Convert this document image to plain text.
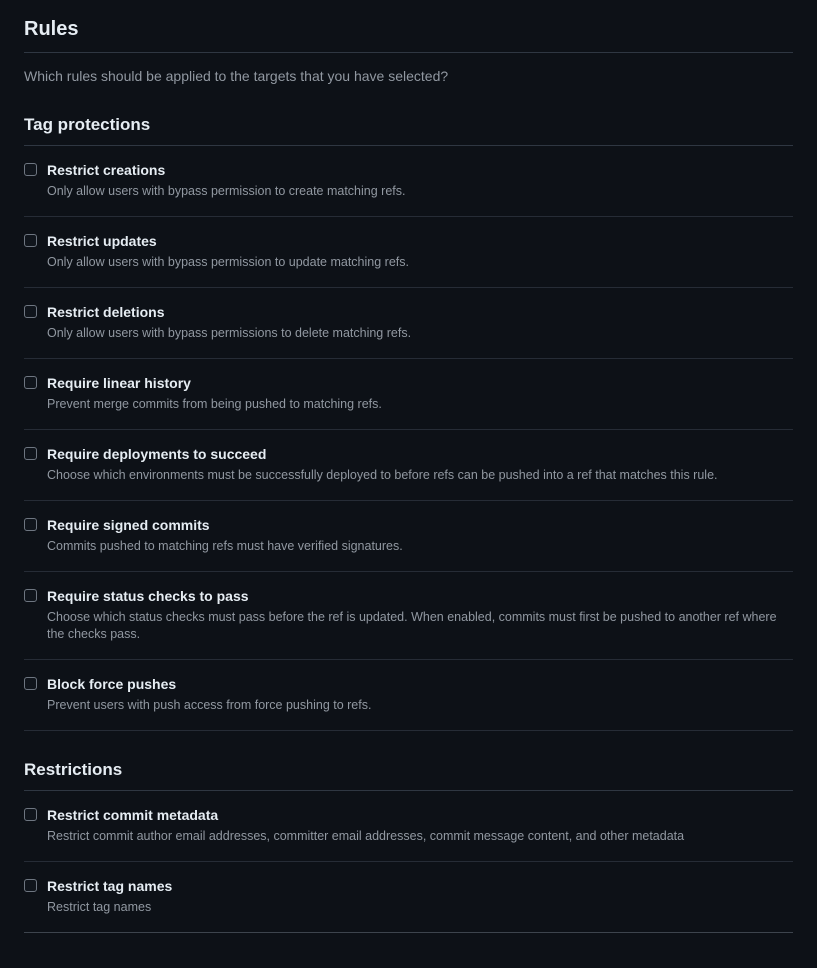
Rules

Which rules should be applied to the targets that you have selected?

Tag protections
Restrict creations
Only allow users with bypass permission to create matching refs.
Restrict updates
Only allow users with bypass permission to update matching refs.
Restrict deletions
Only allow users with bypass permissions to delete matching refs.
Require linear history
Prevent merge commits from being pushed to matching refs.
Require deployments to succeed
Choose which environments must be successfully deployed to before refs can be pushed into a ref that matches this rule.
Require signed commits
Commits pushed to matching refs must have verified signatures.
Require status checks to pass
Choose which status checks must pass before the ref is updated. When enabled, commits must first be pushed to another ref where the checks pass.
Block force pushes
Prevent users with push access from force pushing to refs.
Restrictions
Restrict commit metadata
Restrict commit author email addresses, committer email addresses, commit message content, and other metadata
Restrict tag names
Restrict tag names
